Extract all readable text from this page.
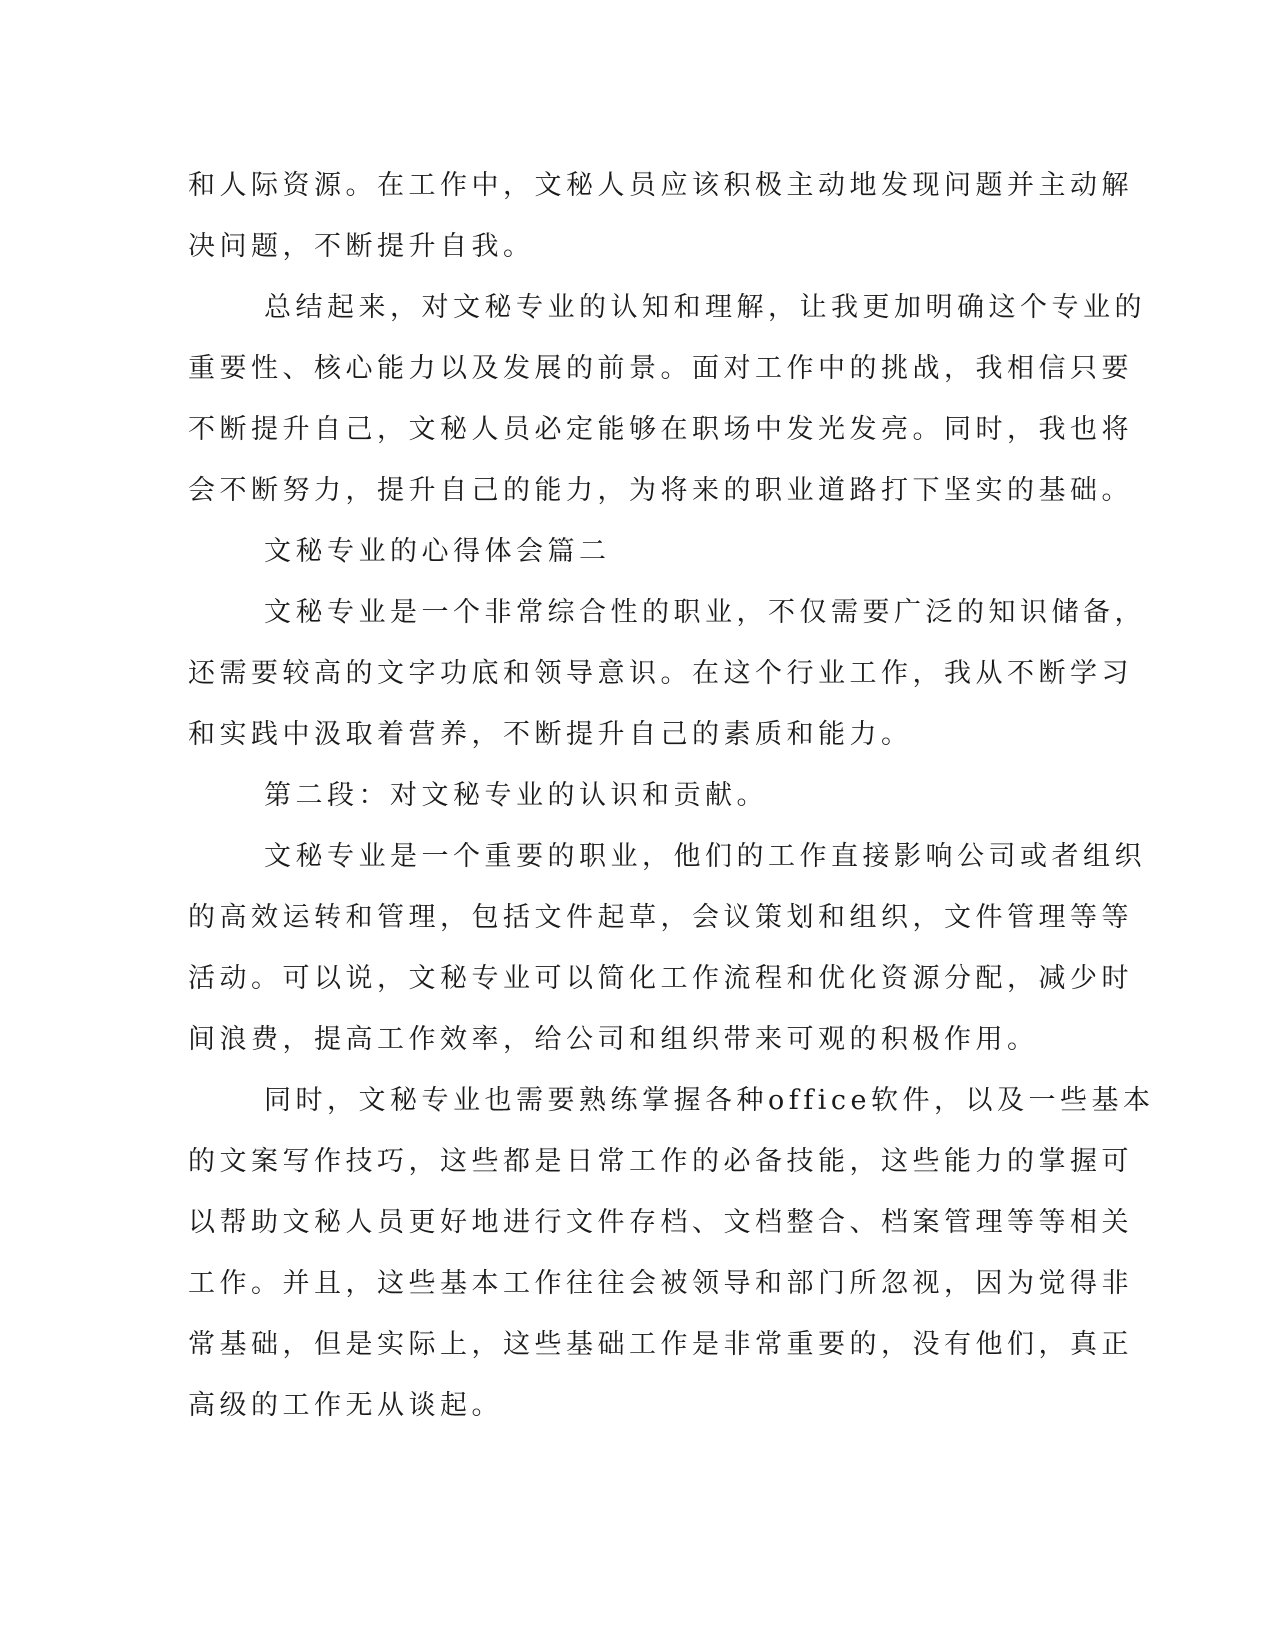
和人际资源。在工作中，文秘人员应该积极主动地发现问题并主动解
决问题，不断提升自我。
总结起来，对文秘专业的认知和理解，让我更加明确这个专业的
重要性、核心能力以及发展的前景。面对工作中的挑战，我相信只要
不断提升自己，文秘人员必定能够在职场中发光发亮。同时，我也将
会不断努力，提升自己的能力，为将来的职业道路打下坚实的基础。
文秘专业的心得体会篇二
文秘专业是一个非常综合性的职业，不仅需要广泛的知识储备，
还需要较高的文字功底和领导意识。在这个行业工作，我从不断学习
和实践中汲取着营养，不断提升自己的素质和能力。
第二段：对文秘专业的认识和贡献。
文秘专业是一个重要的职业，他们的工作直接影响公司或者组织
的高效运转和管理，包括文件起草，会议策划和组织，文件管理等等
活动。可以说，文秘专业可以简化工作流程和优化资源分配，减少时
间浪费，提高工作效率，给公司和组织带来可观的积极作用。
同时，文秘专业也需要熟练掌握各种office软件，以及一些基本
的文案写作技巧，这些都是日常工作的必备技能，这些能力的掌握可
以帮助文秘人员更好地进行文件存档、文档整合、档案管理等等相关
工作。并且，这些基本工作往往会被领导和部门所忽视，因为觉得非
常基础，但是实际上，这些基础工作是非常重要的，没有他们，真正
高级的工作无从谈起。
